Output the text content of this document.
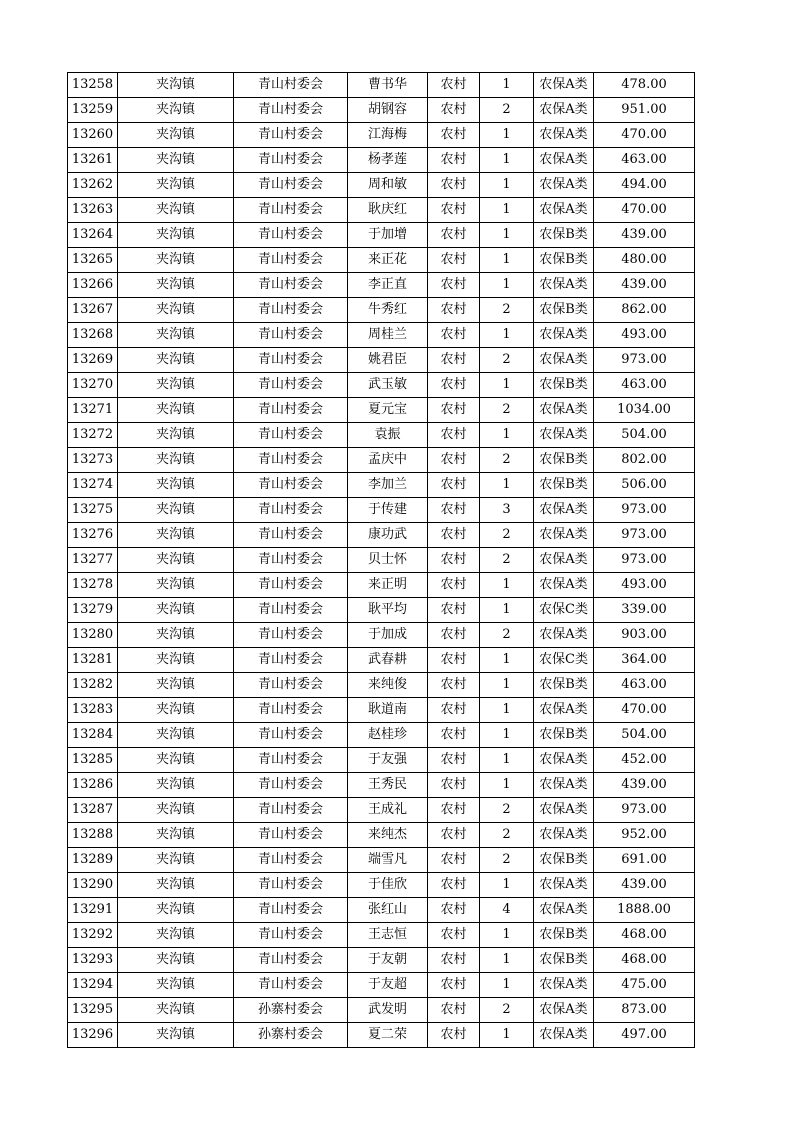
13258	夹沟镇	青山村委会	曹书华	农村	1	农保A类	478.00
13259	夹沟镇	青山村委会	胡钢容	农村	2	农保A类	951.00
13260	夹沟镇	青山村委会	江海梅	农村	1	农保A类	470.00
13261	夹沟镇	青山村委会	杨孝莲	农村	1	农保A类	463.00
13262	夹沟镇	青山村委会	周和敏	农村	1	农保A类	494.00
13263	夹沟镇	青山村委会	耿庆红	农村	1	农保A类	470.00
13264	夹沟镇	青山村委会	于加增	农村	1	农保B类	439.00
13265	夹沟镇	青山村委会	来正花	农村	1	农保B类	480.00
13266	夹沟镇	青山村委会	李正直	农村	1	农保A类	439.00
13267	夹沟镇	青山村委会	牛秀红	农村	2	农保B类	862.00
13268	夹沟镇	青山村委会	周桂兰	农村	1	农保A类	493.00
13269	夹沟镇	青山村委会	姚君臣	农村	2	农保A类	973.00
13270	夹沟镇	青山村委会	武玉敏	农村	1	农保B类	463.00
13271	夹沟镇	青山村委会	夏元宝	农村	2	农保A类	1034.00
13272	夹沟镇	青山村委会	袁振	农村	1	农保A类	504.00
13273	夹沟镇	青山村委会	孟庆中	农村	2	农保B类	802.00
13274	夹沟镇	青山村委会	李加兰	农村	1	农保B类	506.00
13275	夹沟镇	青山村委会	于传建	农村	3	农保A类	973.00
13276	夹沟镇	青山村委会	康功武	农村	2	农保A类	973.00
13277	夹沟镇	青山村委会	贝士怀	农村	2	农保A类	973.00
13278	夹沟镇	青山村委会	来正明	农村	1	农保A类	493.00
13279	夹沟镇	青山村委会	耿平均	农村	1	农保C类	339.00
13280	夹沟镇	青山村委会	于加成	农村	2	农保A类	903.00
13281	夹沟镇	青山村委会	武春耕	农村	1	农保C类	364.00
13282	夹沟镇	青山村委会	来纯俊	农村	1	农保B类	463.00
13283	夹沟镇	青山村委会	耿道南	农村	1	农保A类	470.00
13284	夹沟镇	青山村委会	赵桂珍	农村	1	农保B类	504.00
13285	夹沟镇	青山村委会	于友强	农村	1	农保A类	452.00
13286	夹沟镇	青山村委会	王秀民	农村	1	农保A类	439.00
13287	夹沟镇	青山村委会	王成礼	农村	2	农保A类	973.00
13288	夹沟镇	青山村委会	来纯杰	农村	2	农保A类	952.00
13289	夹沟镇	青山村委会	端雪凡	农村	2	农保B类	691.00
13290	夹沟镇	青山村委会	于佳欣	农村	1	农保A类	439.00
13291	夹沟镇	青山村委会	张红山	农村	4	农保A类	1888.00
13292	夹沟镇	青山村委会	王志恒	农村	1	农保B类	468.00
13293	夹沟镇	青山村委会	于友朝	农村	1	农保B类	468.00
13294	夹沟镇	青山村委会	于友超	农村	1	农保A类	475.00
13295	夹沟镇	孙寨村委会	武发明	农村	2	农保A类	873.00
13296	夹沟镇	孙寨村委会	夏二荣	农村	1	农保A类	497.00
